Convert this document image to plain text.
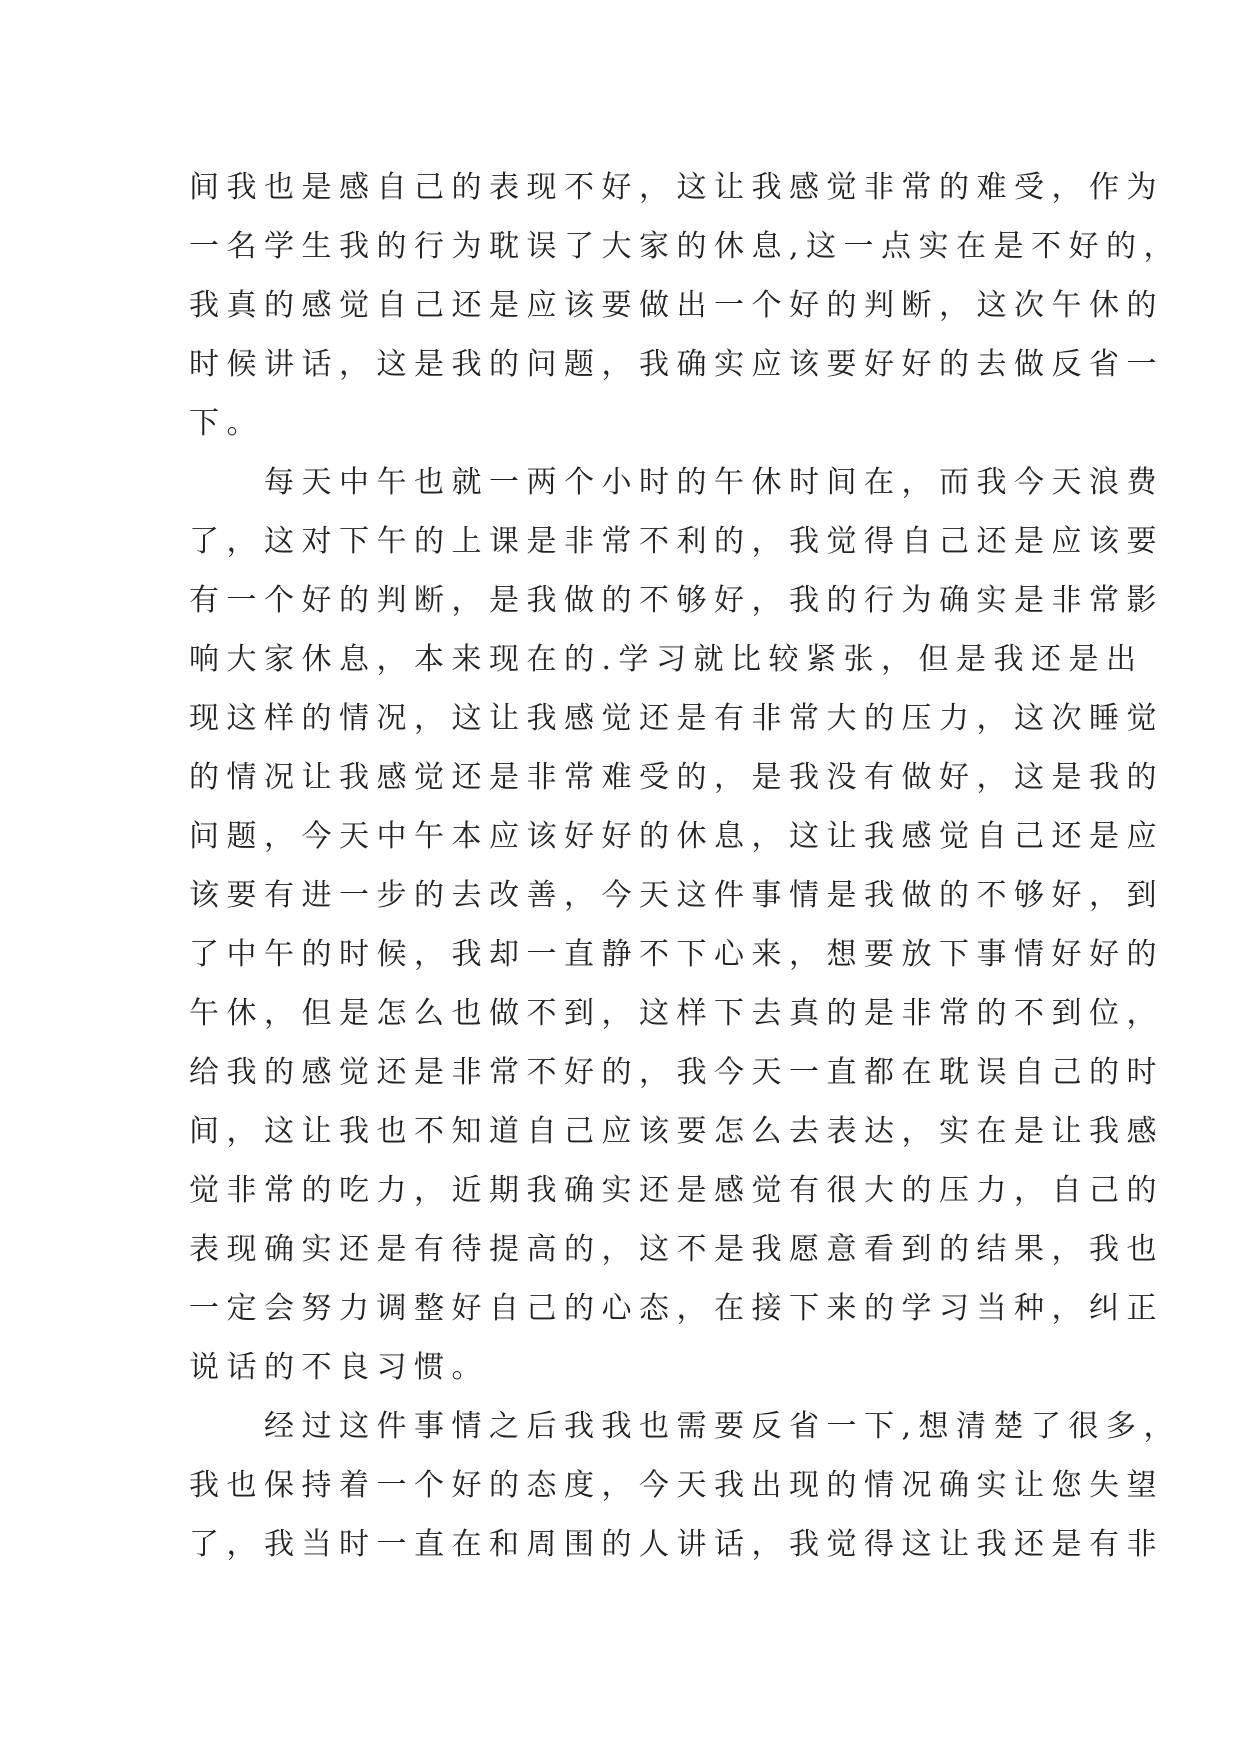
间我也是感自己的表现不好，这让我感觉非常的难受，作为
一名学生我的行为耽误了大家的休息,这一点实在是不好的，
我真的感觉自己还是应该要做出一个好的判断，这次午休的
时候讲话，这是我的问题，我确实应该要好好的去做反省一
下。
　　每天中午也就一两个小时的午休时间在，而我今天浪费
了，这对下午的上课是非常不利的，我觉得自己还是应该要
有一个好的判断，是我做的不够好，我的行为确实是非常影
响大家休息，本来现在的.学习就比较紧张，但是我还是出
现这样的情况，这让我感觉还是有非常大的压力，这次睡觉
的情况让我感觉还是非常难受的，是我没有做好，这是我的
问题，今天中午本应该好好的休息，这让我感觉自己还是应
该要有进一步的去改善，今天这件事情是我做的不够好，到
了中午的时候，我却一直静不下心来，想要放下事情好好的
午休，但是怎么也做不到，这样下去真的是非常的不到位，
给我的感觉还是非常不好的，我今天一直都在耽误自己的时
间，这让我也不知道自己应该要怎么去表达，实在是让我感
觉非常的吃力，近期我确实还是感觉有很大的压力，自己的
表现确实还是有待提高的，这不是我愿意看到的结果，我也
一定会努力调整好自己的心态，在接下来的学习当种，纠正
说话的不良习惯。
　　经过这件事情之后我我也需要反省一下,想清楚了很多，
我也保持着一个好的态度，今天我出现的情况确实让您失望
了，我当时一直在和周围的人讲话，我觉得这让我还是有非
